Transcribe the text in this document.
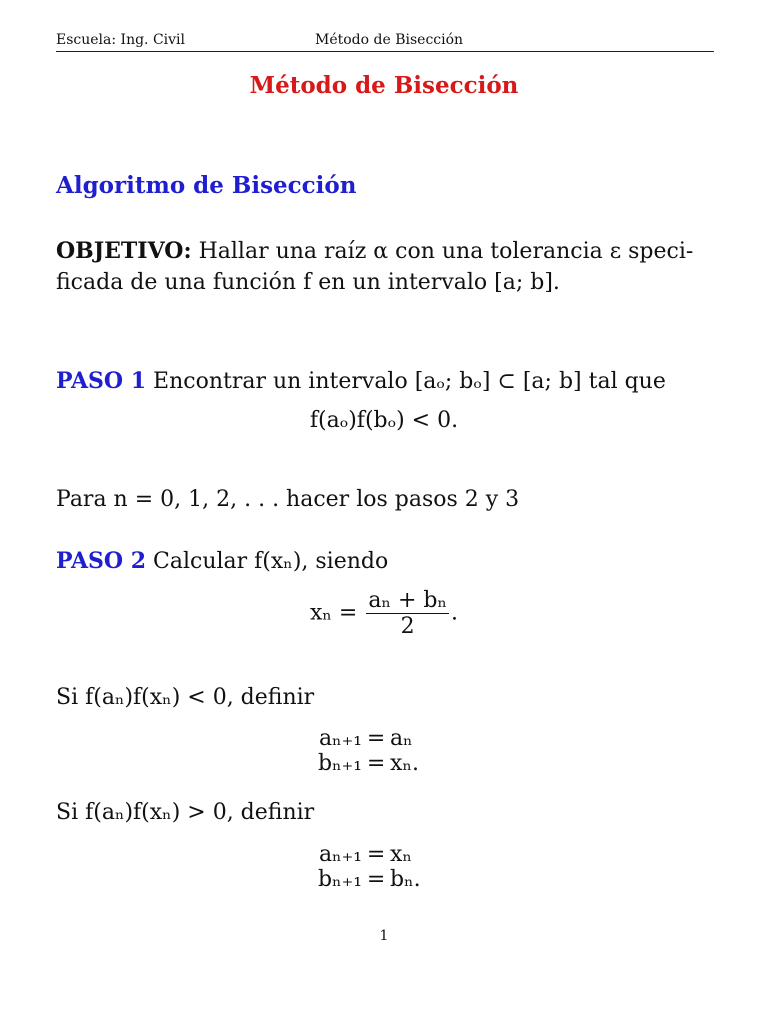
Escuela: Ing. Civil	Método de Bisección
Método de Bisección
Algoritmo de Bisección
OBJETIVO: Hallar una raíz α con una tolerancia ε speci-
ficada de una función f en un intervalo [a; b].
PASO 1 Encontrar un intervalo [aₒ; bₒ] ⊂ [a; b] tal que
f(aₒ)f(bₒ) < 0.
Para n = 0, 1, 2, . . . hacer los pasos 2 y 3
PASO 2 Calcular f(xₙ), siendo
$x_n = \frac{\text{aₙ + bₙ}}{2}$ .
Si f(aₙ)f(xₙ) < 0, definir
aₙ₊₁ = aₙ
bₙ₊₁ = xₙ.
Si f(aₙ)f(xₙ) > 0, definir
aₙ₊₁ = xₙ
bₙ₊₁ = bₙ.
1
